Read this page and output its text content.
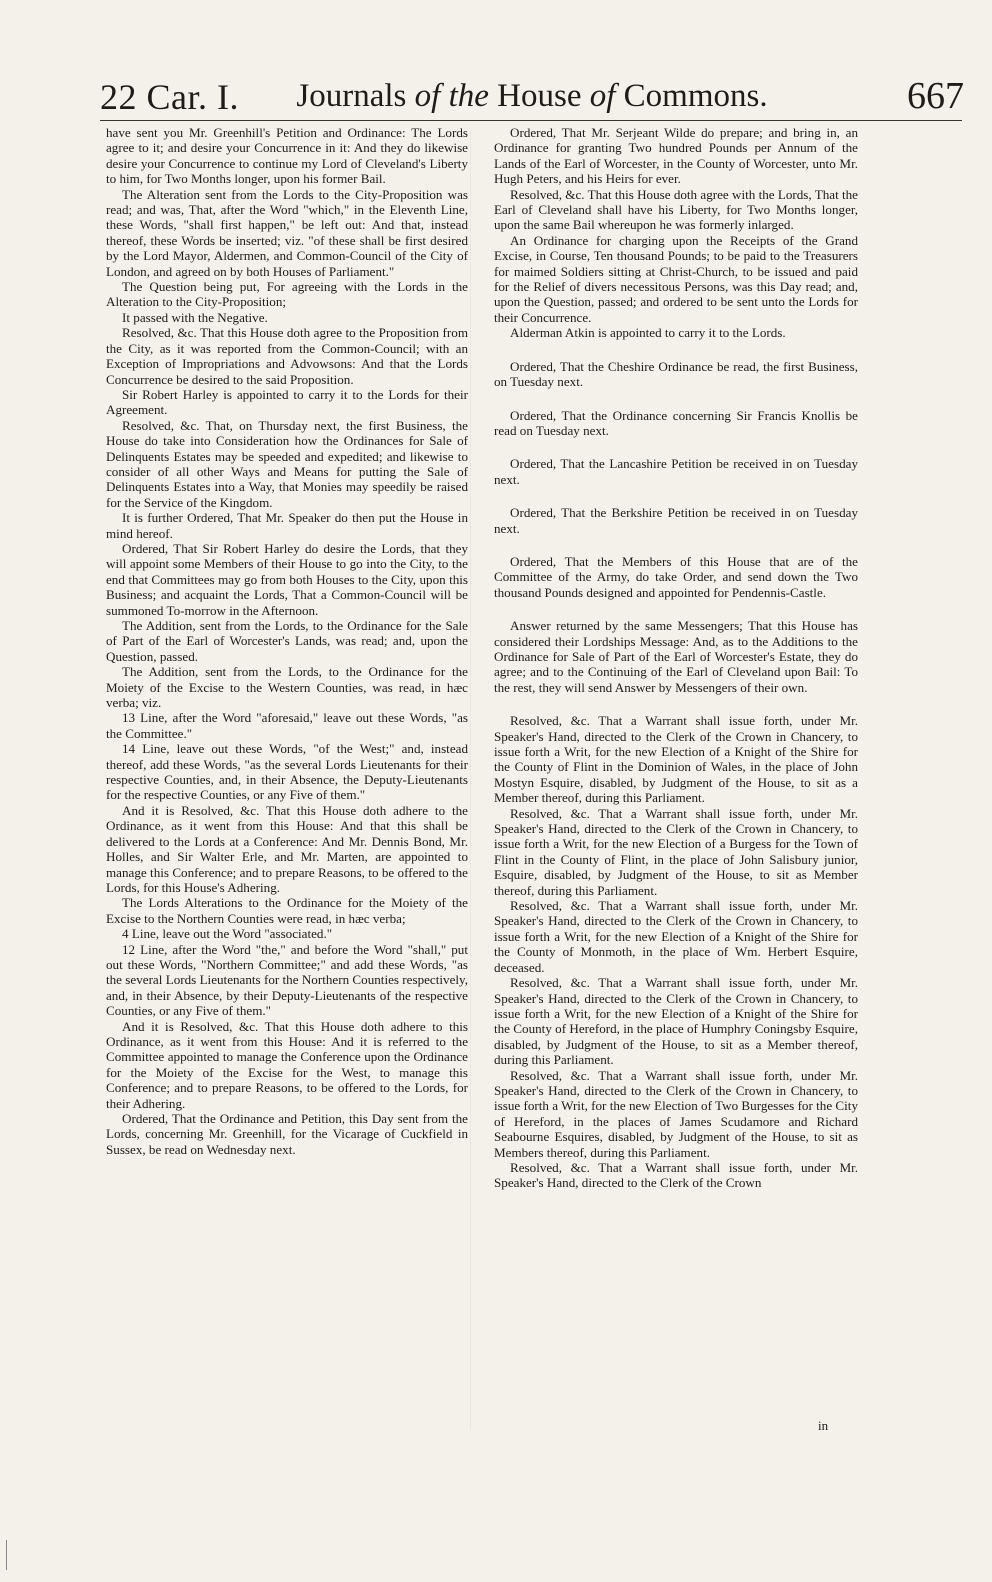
22 Car. I.	Journals of the House of Commons.	667

have sent you Mr. Greenhill's Petition and Ordinance: The Lords agree to it; and desire your Concurrence in it: And they do likewise desire your Concurrence to continue my Lord of Cleveland's Liberty to him, for Two Months longer, upon his former Bail.

The Alteration sent from the Lords to the City-Proposition was read; and was, That, after the Word "which," in the Eleventh Line, these Words, "shall first happen," be left out: And that, instead thereof, these Words be inserted; viz. "of these shall be first desired by the Lord Mayor, Aldermen, and Common-Council of the City of London, and agreed on by both Houses of Parliament."

The Question being put, For agreeing with the Lords in the Alteration to the City-Proposition;

It passed with the Negative.

Resolved, &c. That this House doth agree to the Proposition from the City, as it was reported from the Common-Council; with an Exception of Impropriations and Advowsons: And that the Lords Concurrence be desired to the said Proposition.

Sir Robert Harley is appointed to carry it to the Lords for their Agreement.

Resolved, &c. That, on Thursday next, the first Business, the House do take into Consideration how the Ordinances for Sale of Delinquents Estates may be speeded and expedited; and likewise to consider of all other Ways and Means for putting the Sale of Delinquents Estates into a Way, that Monies may speedily be raised for the Service of the Kingdom.

It is further Ordered, That Mr. Speaker do then put the House in mind hereof.

Ordered, That Sir Robert Harley do desire the Lords, that they will appoint some Members of their House to go into the City, to the end that Committees may go from both Houses to the City, upon this Business; and acquaint the Lords, That a Common-Council will be summoned To-morrow in the Afternoon.

The Addition, sent from the Lords, to the Ordinance for the Sale of Part of the Earl of Worcester's Lands, was read; and, upon the Question, passed.

The Addition, sent from the Lords, to the Ordinance for the Moiety of the Excise to the Western Counties, was read, in hæc verba; viz.

13 Line, after the Word "aforesaid," leave out these Words, "as the Committee."

14 Line, leave out these Words, "of the West;" and, instead thereof, add these Words, "as the several Lords Lieutenants for their respective Counties, and, in their Absence, the Deputy-Lieutenants for the respective Counties, or any Five of them."

And it is Resolved, &c. That this House doth adhere to the Ordinance, as it went from this House: And that this shall be delivered to the Lords at a Conference: And Mr. Dennis Bond, Mr. Holles, and Sir Walter Erle, and Mr. Marten, are appointed to manage this Conference; and to prepare Reasons, to be offered to the Lords, for this House's Adhering.

The Lords Alterations to the Ordinance for the Moiety of the Excise to the Northern Counties were read, in hæc verba;

4 Line, leave out the Word "associated."

12 Line, after the Word "the," and before the Word "shall," put out these Words, "Northern Committee;" and add these Words, "as the several Lords Lieutenants for the Northern Counties respectively, and, in their Absence, by their Deputy-Lieutenants of the respective Counties, or any Five of them."

And it is Resolved, &c. That this House doth adhere to this Ordinance, as it went from this House: And it is referred to the Committee appointed to manage the Conference upon the Ordinance for the Moiety of the Excise for the West, to manage this Conference; and to prepare Reasons, to be offered to the Lords, for their Adhering.

Ordered, That the Ordinance and Petition, this Day sent from the Lords, concerning Mr. Greenhill, for the Vicarage of Cuckfield in Sussex, be read on Wednesday next.

Ordered, That Mr. Serjeant Wilde do prepare; and bring in, an Ordinance for granting Two hundred Pounds per Annum of the Lands of the Earl of Worcester, in the County of Worcester, unto Mr. Hugh Peters, and his Heirs for ever.

Resolved, &c. That this House doth agree with the Lords, That the Earl of Cleveland shall have his Liberty, for Two Months longer, upon the same Bail whereupon he was formerly inlarged.

An Ordinance for charging upon the Receipts of the Grand Excise, in Course, Ten thousand Pounds; to be paid to the Treasurers for maimed Soldiers sitting at Christ-Church, to be issued and paid for the Relief of divers necessitous Persons, was this Day read; and, upon the Question, passed; and ordered to be sent unto the Lords for their Concurrence.

Alderman Atkin is appointed to carry it to the Lords.

Ordered, That the Cheshire Ordinance be read, the first Business, on Tuesday next.

Ordered, That the Ordinance concerning Sir Francis Knollis be read on Tuesday next.

Ordered, That the Lancashire Petition be received in on Tuesday next.

Ordered, That the Berkshire Petition be received in on Tuesday next.

Ordered, That the Members of this House that are of the Committee of the Army, do take Order, and send down the Two thousand Pounds designed and appointed for Pendennis-Castle.

Answer returned by the same Messengers; That this House has considered their Lordships Message: And, as to the Additions to the Ordinance for Sale of Part of the Earl of Worcester's Estate, they do agree; and to the Continuing of the Earl of Cleveland upon Bail: To the rest, they will send Answer by Messengers of their own.

Resolved, &c. That a Warrant shall issue forth, under Mr. Speaker's Hand, directed to the Clerk of the Crown in Chancery, to issue forth a Writ, for the new Election of a Knight of the Shire for the County of Flint in the Dominion of Wales, in the place of John Mostyn Esquire, disabled, by Judgment of the House, to sit as a Member thereof, during this Parliament.

Resolved, &c. That a Warrant shall issue forth, under Mr. Speaker's Hand, directed to the Clerk of the Crown in Chancery, to issue forth a Writ, for the new Election of a Burgess for the Town of Flint in the County of Flint, in the place of John Salisbury junior, Esquire, disabled, by Judgment of the House, to sit as Member thereof, during this Parliament.

Resolved, &c. That a Warrant shall issue forth, under Mr. Speaker's Hand, directed to the Clerk of the Crown in Chancery, to issue forth a Writ, for the new Election of a Knight of the Shire for the County of Monmoth, in the place of Wm. Herbert Esquire, deceased.

Resolved, &c. That a Warrant shall issue forth, under Mr. Speaker's Hand, directed to the Clerk of the Crown in Chancery, to issue forth a Writ, for the new Election of a Knight of the Shire for the County of Hereford, in the place of Humphry Coningsby Esquire, disabled, by Judgment of the House, to sit as a Member thereof, during this Parliament.

Resolved, &c. That a Warrant shall issue forth, under Mr. Speaker's Hand, directed to the Clerk of the Crown in Chancery, to issue forth a Writ, for the new Election of Two Burgesses for the City of Hereford, in the places of James Scudamore and Richard Seabourne Esquires, disabled, by Judgment of the House, to sit as Members thereof, during this Parliament.

Resolved, &c. That a Warrant shall issue forth, under Mr. Speaker's Hand, directed to the Clerk of the Crown

in
